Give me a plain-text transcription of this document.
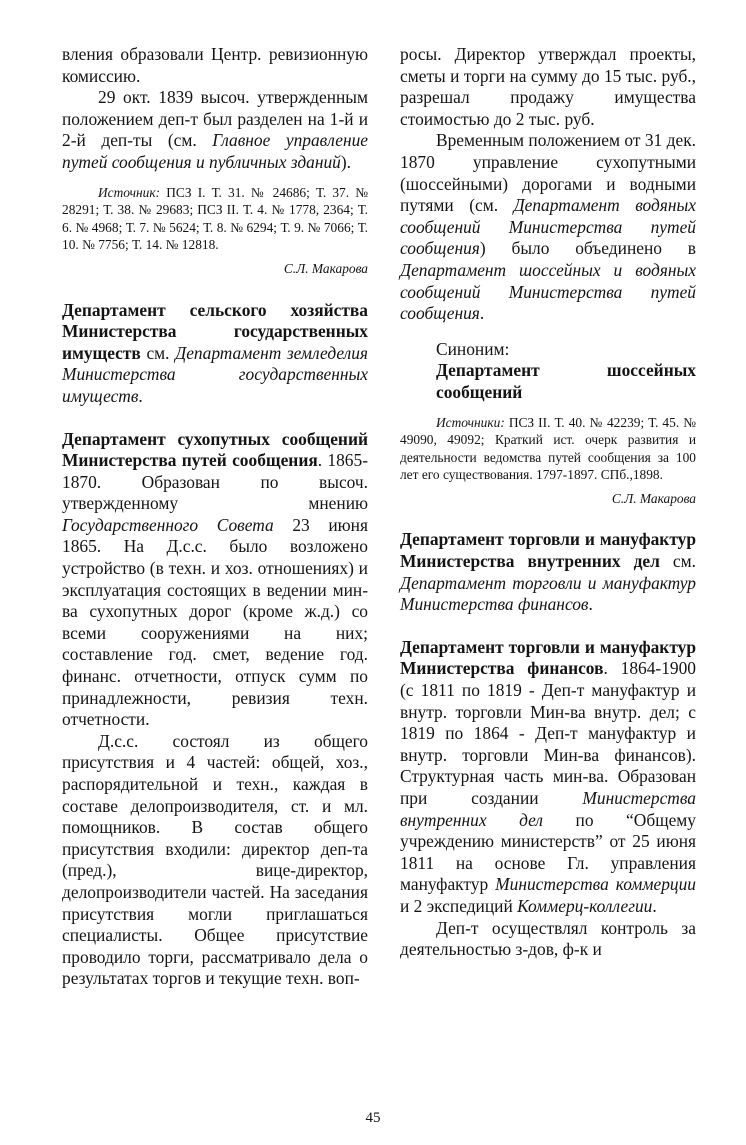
вления образовали Центр. ревизионную комиссию.

29 окт. 1839 высоч. утвержденным положением деп-т был разделен на 1-й и 2-й деп-ты (см. Главное управление путей сообщения и публичных зданий).

Источник: ПСЗ I. Т. 31. № 24686; Т. 37. № 28291; Т. 38. № 29683; ПСЗ II. Т. 4. № 1778, 2364; Т. 6. № 4968; Т. 7. № 5624; Т. 8. № 6294; Т. 9. № 7066; Т. 10. № 7756; Т. 14. № 12818.

С.Л. Макарова

Департамент сельского хозяйства Министерства государственных имуществ см. Департамент земледелия Министерства государственных имуществ.

Департамент сухопутных сообщений Министерства путей сообщения. 1865-1870. Образован по высоч. утвержденному мнению Государственного Совета 23 июня 1865. На Д.с.с. было возложено устройство (в техн. и хоз. отношениях) и эксплуатация состоящих в ведении мин-ва сухопутных дорог (кроме ж.д.) со всеми сооружениями на них; составление год. смет, ведение год. финанс. отчетности, отпуск сумм по принадлежности, ревизия техн. отчетности.

Д.с.с. состоял из общего присутствия и 4 частей: общей, хоз., распорядительной и техн., каждая в составе делопроизводителя, ст. и мл. помощников. В состав общего присутствия входили: директор деп-та (пред.), вице-директор, делопроизводители частей. На заседания присутствия могли приглашаться специалисты. Общее присутствие проводило торги, рассматривало дела о результатах торгов и текущие техн. воп-

росы. Директор утверждал проекты, сметы и торги на сумму до 15 тыс. руб., разрешал продажу имущества стоимостью до 2 тыс. руб.

Временным положением от 31 дек. 1870 управление сухопутными (шоссейными) дорогами и водными путями (см. Департамент водяных сообщений Министерства путей сообщения) было объединено в Департамент шоссейных и водяных сообщений Министерства путей сообщения.

Синоним:

Департамент шоссейных сообщений

Источники: ПСЗ II. Т. 40. № 42239; Т. 45. № 49090, 49092; Краткий ист. очерк развития и деятельности ведомства путей сообщения за 100 лет его существования. 1797-1897. СПб.,1898.

С.Л. Макарова

Департамент торговли и мануфактур Министерства внутренних дел см. Департамент торговли и мануфактур Министерства финансов.

Департамент торговли и мануфактур Министерства финансов. 1864-1900 (с 1811 по 1819 - Деп-т мануфактур и внутр. торговли Мин-ва внутр. дел; с 1819 по 1864 - Деп-т мануфактур и внутр. торговли Мин-ва финансов). Структурная часть мин-ва. Образован при создании Министерства внутренних дел по “Общему учреждению министерств” от 25 июня 1811 на основе Гл. управления мануфактур Министерства коммерции и 2 экспедиций Коммерц-коллегии.

Деп-т осуществлял контроль за деятельностью з-дов, ф-к и

45
